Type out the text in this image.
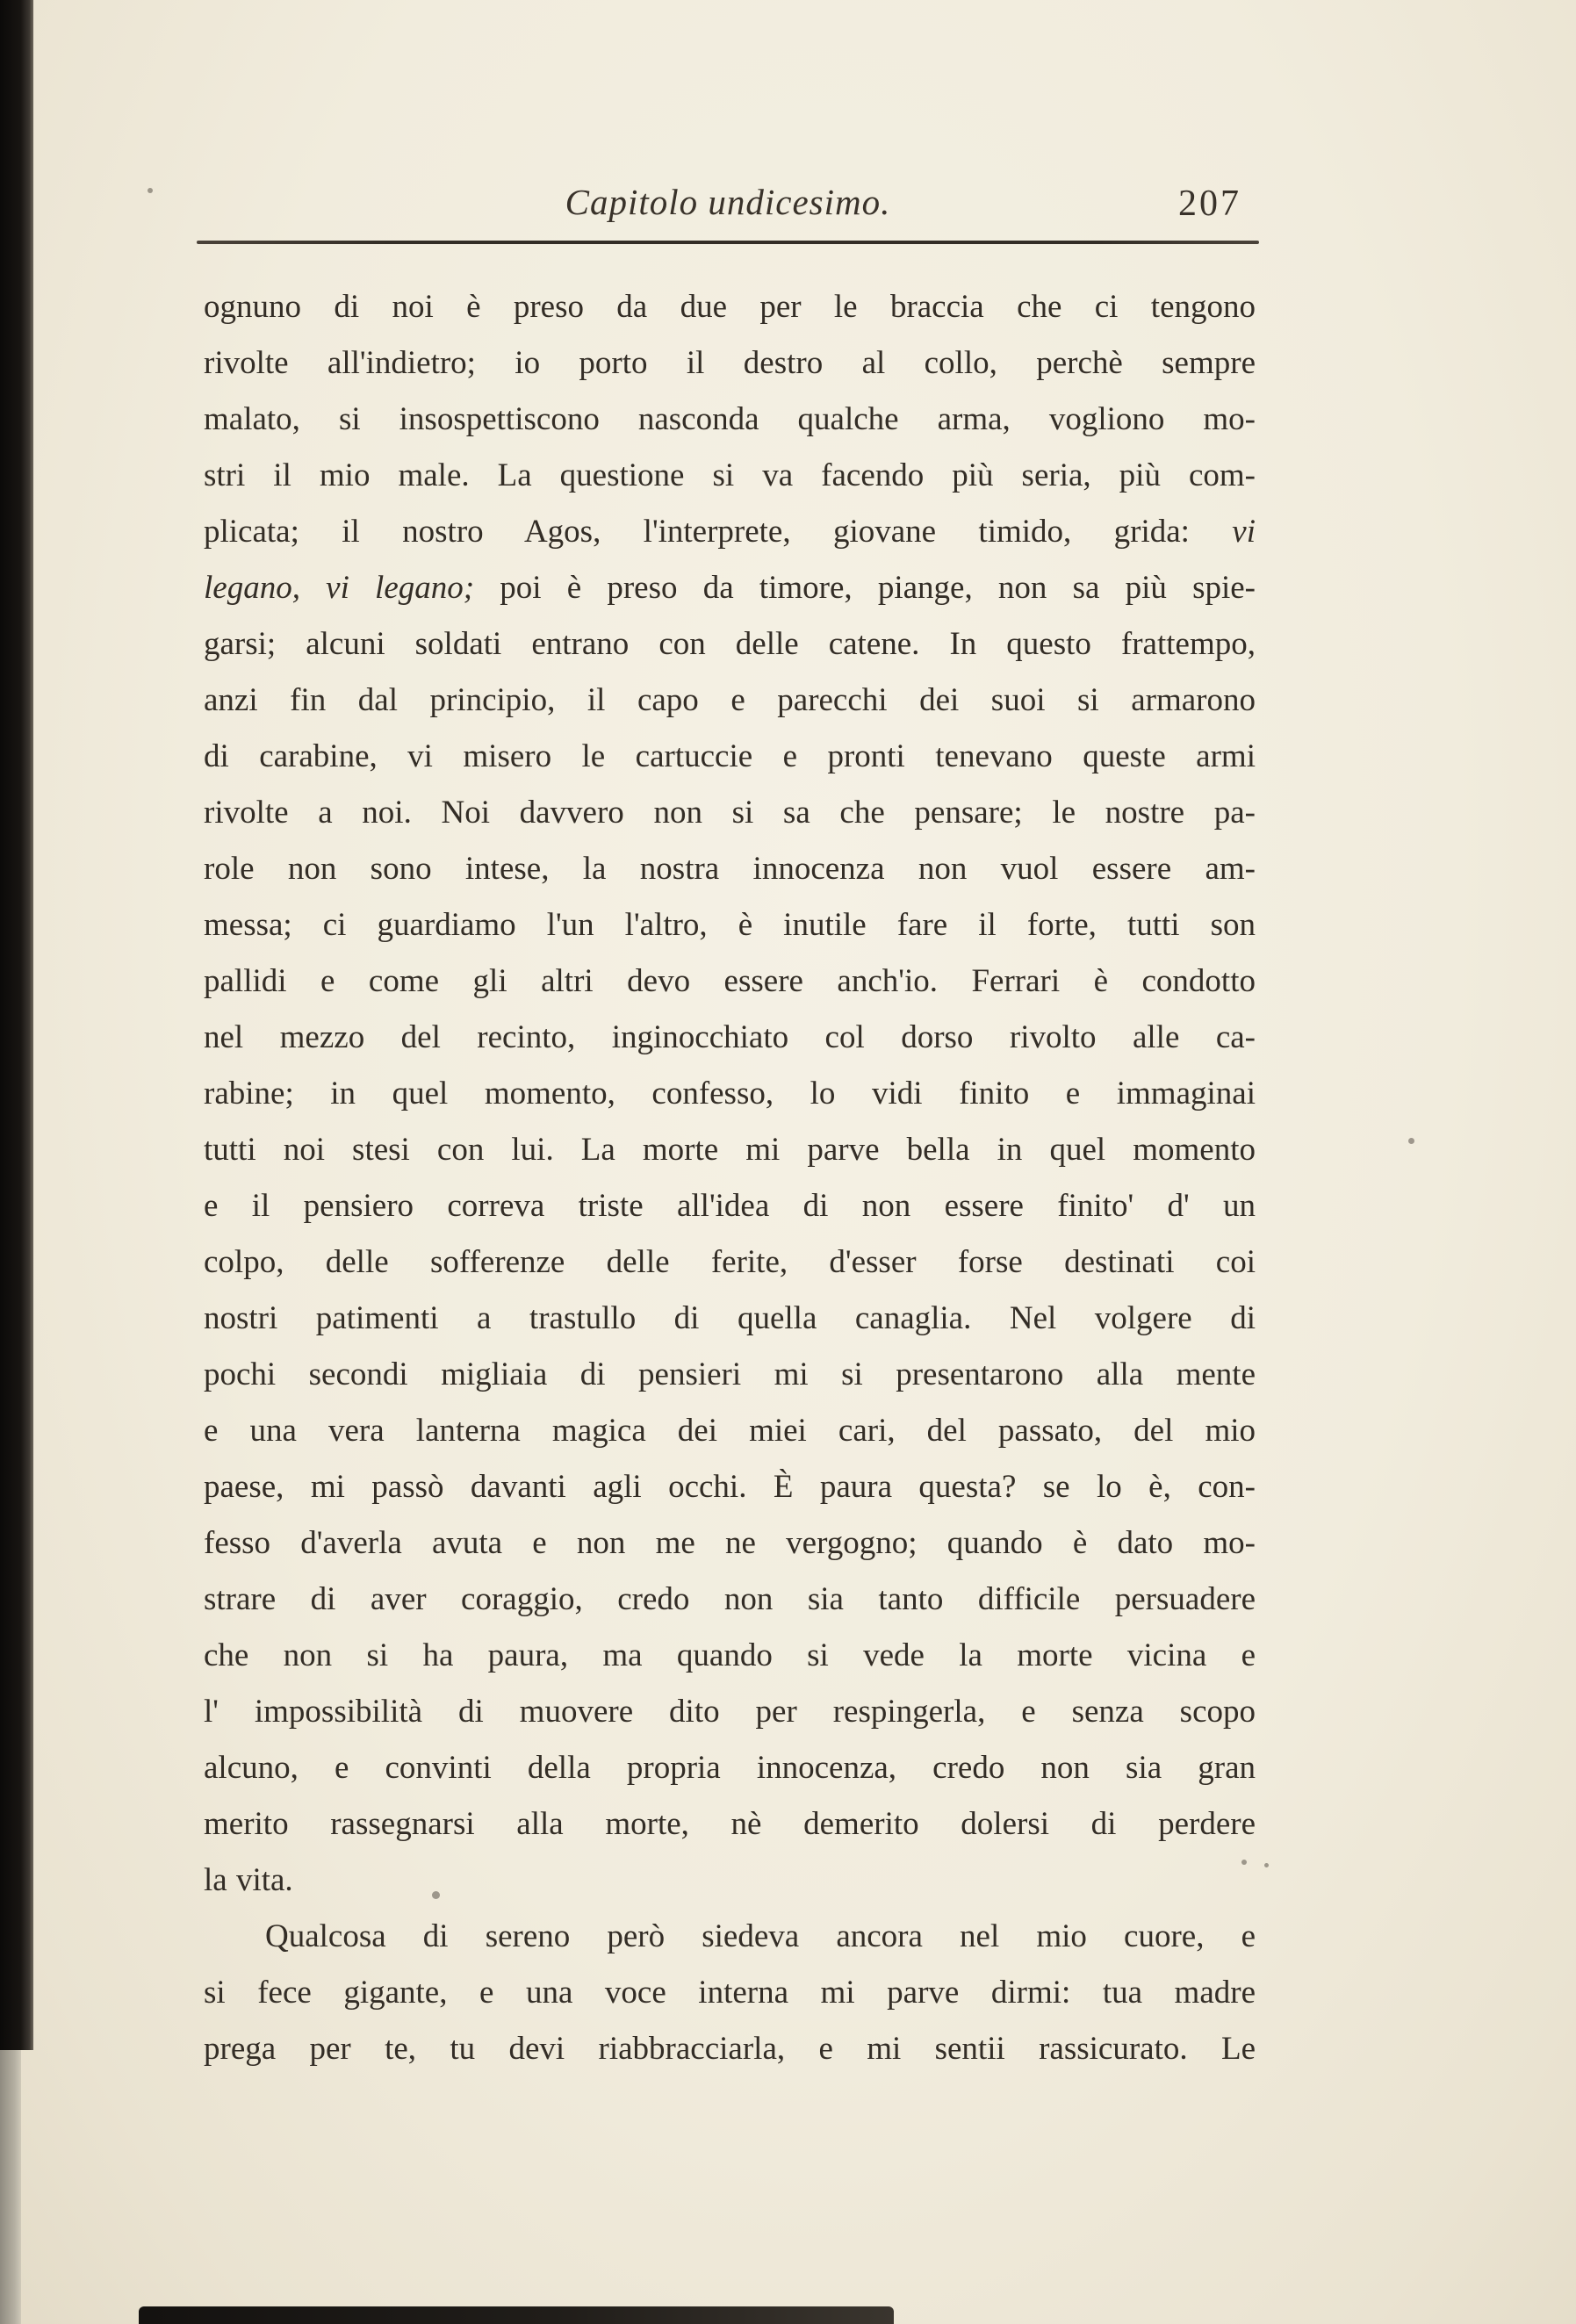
Capitolo undicesimo.	207
ognuno di noi è preso da due per le braccia che ci tengono
rivolte all'indietro; io porto il destro al collo, perchè sempre
malato, si insospettiscono nasconda qualche arma, vogliono mo-
stri il mio male. La questione si va facendo più seria, più com-
plicata; il nostro Agos, l'interprete, giovane timido, grida: vi
legano, vi legano; poi è preso da timore, piange, non sa più spie-
garsi; alcuni soldati entrano con delle catene. In questo frattempo,
anzi fin dal principio, il capo e parecchi dei suoi si armarono
di carabine, vi misero le cartuccie e pronti tenevano queste armi
rivolte a noi. Noi davvero non si sa che pensare; le nostre pa-
role non sono intese, la nostra innocenza non vuol essere am-
messa; ci guardiamo l'un l'altro, è inutile fare il forte, tutti son
pallidi e come gli altri devo essere anch'io. Ferrari è condotto
nel mezzo del recinto, inginocchiato col dorso rivolto alle ca-
rabine; in quel momento, confesso, lo vidi finito e immaginai
tutti noi stesi con lui. La morte mi parve bella in quel momento
e il pensiero correva triste all'idea di non essere finito' d' un
colpo, delle sofferenze delle ferite, d'esser forse destinati coi
nostri patimenti a trastullo di quella canaglia. Nel volgere di
pochi secondi migliaia di pensieri mi si presentarono alla mente
e una vera lanterna magica dei miei cari, del passato, del mio
paese, mi passò davanti agli occhi. È paura questa? se lo è, con-
fesso d'averla avuta e non me ne vergogno; quando è dato mo-
strare di aver coraggio, credo non sia tanto difficile persuadere
che non si ha paura, ma quando si vede la morte vicina e
l' impossibilità di muovere dito per respingerla, e senza scopo
alcuno, e convinti della propria innocenza, credo non sia gran
merito rassegnarsi alla morte, nè demerito dolersi di perdere
la vita.
Qualcosa di sereno però siedeva ancora nel mio cuore, e
si fece gigante, e una voce interna mi parve dirmi: tua madre
prega per te, tu devi riabbracciarla, e mi sentii rassicurato. Le
